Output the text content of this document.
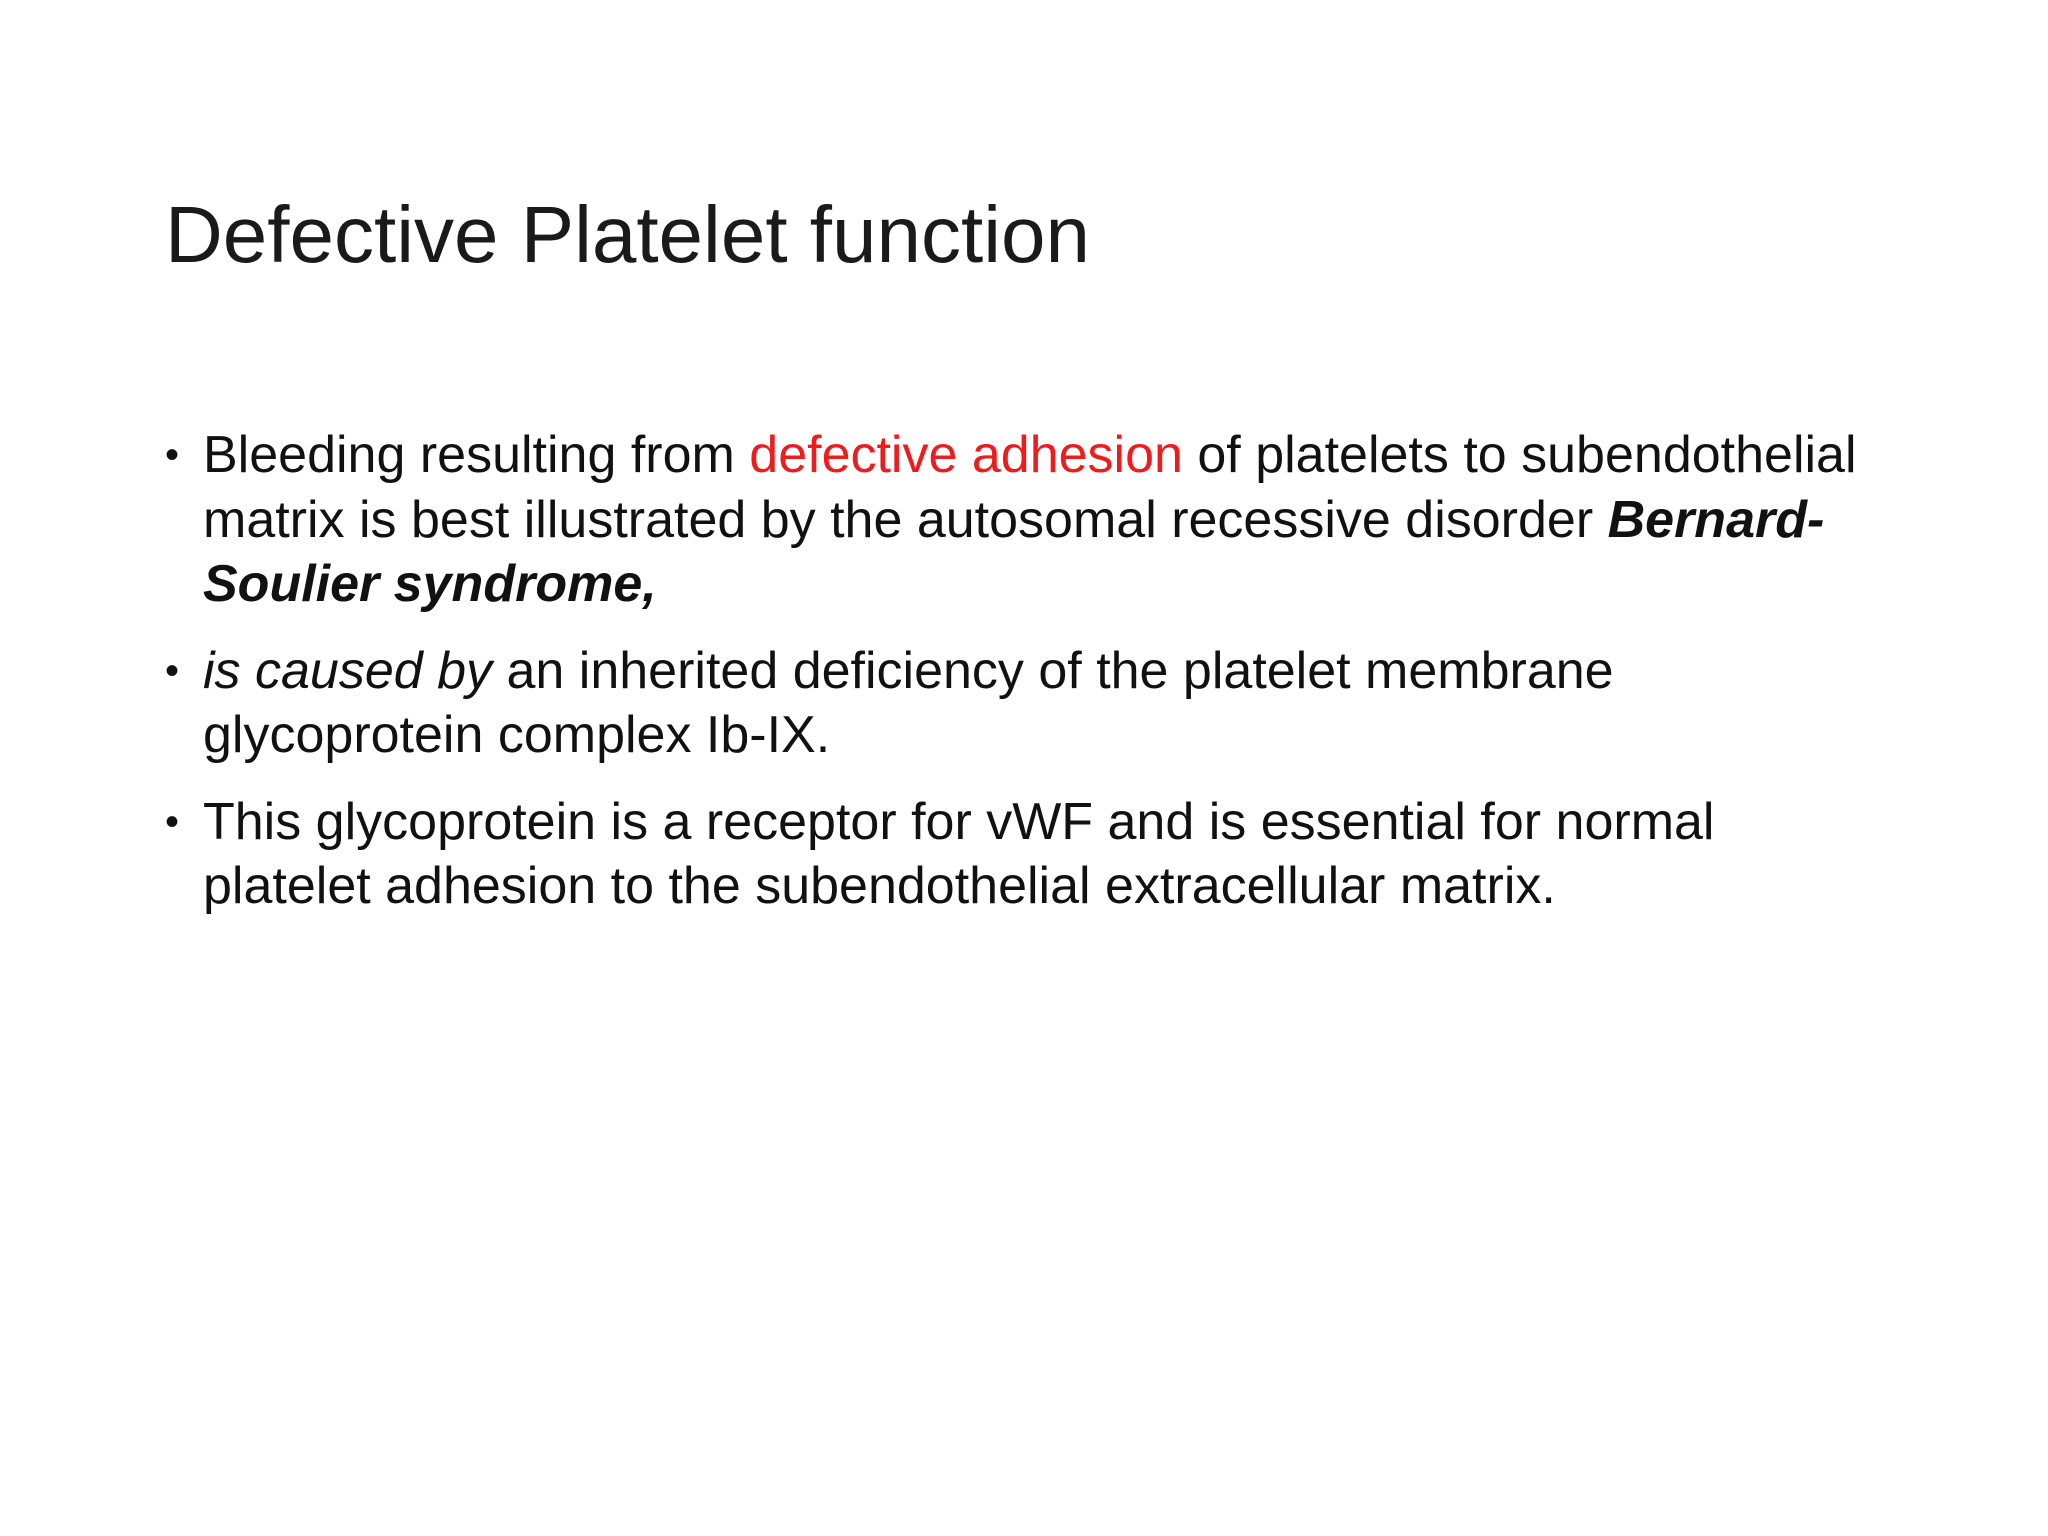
Defective Platelet function
• Bleeding resulting from defective adhesion of platelets to subendothelial matrix is best illustrated by the autosomal recessive disorder Bernard-Soulier syndrome,
• is caused by an inherited deficiency of the platelet membrane glycoprotein complex Ib-IX.
• This glycoprotein is a receptor for vWF and is essential for normal platelet adhesion to the subendothelial extracellular matrix.
